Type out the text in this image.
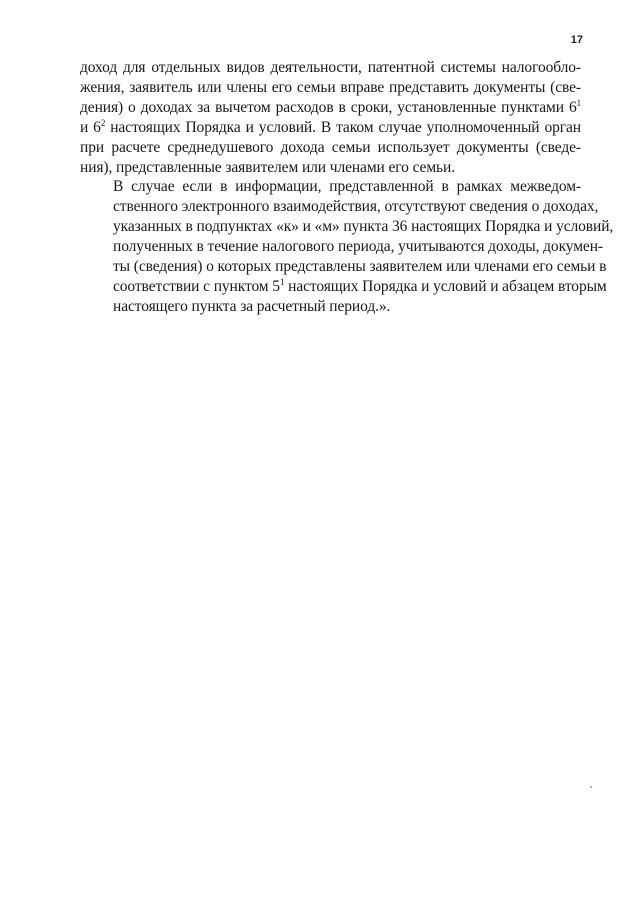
17

доход для отдельных видов деятельности, патентной системы налогообло-
жения, заявитель или члены его семьи вправе представить документы (све-
дения) о доходах за вычетом расходов в сроки, установленные пунктами $6^1$
и $6^2$ настоящих Порядка и условий. В таком случае уполномоченный орган
при расчете среднедушевого дохода семьи использует документы (сведе-
ния), представленные заявителем или членами его семьи.

В случае если в информации, представленной в рамках межведом-
ственного электронного взаимодействия, отсутствуют сведения о доходах,
указанных в подпунктах «к» и «м» пункта 36 настоящих Порядка и условий,
полученных в течение налогового периода, учитываются доходы, докумен-
ты (сведения) о которых представлены заявителем или членами его семьи в
соответствии с пунктом $5^1$ настоящих Порядка и условий и абзацем вторым
настоящего пункта за расчетный период.».
